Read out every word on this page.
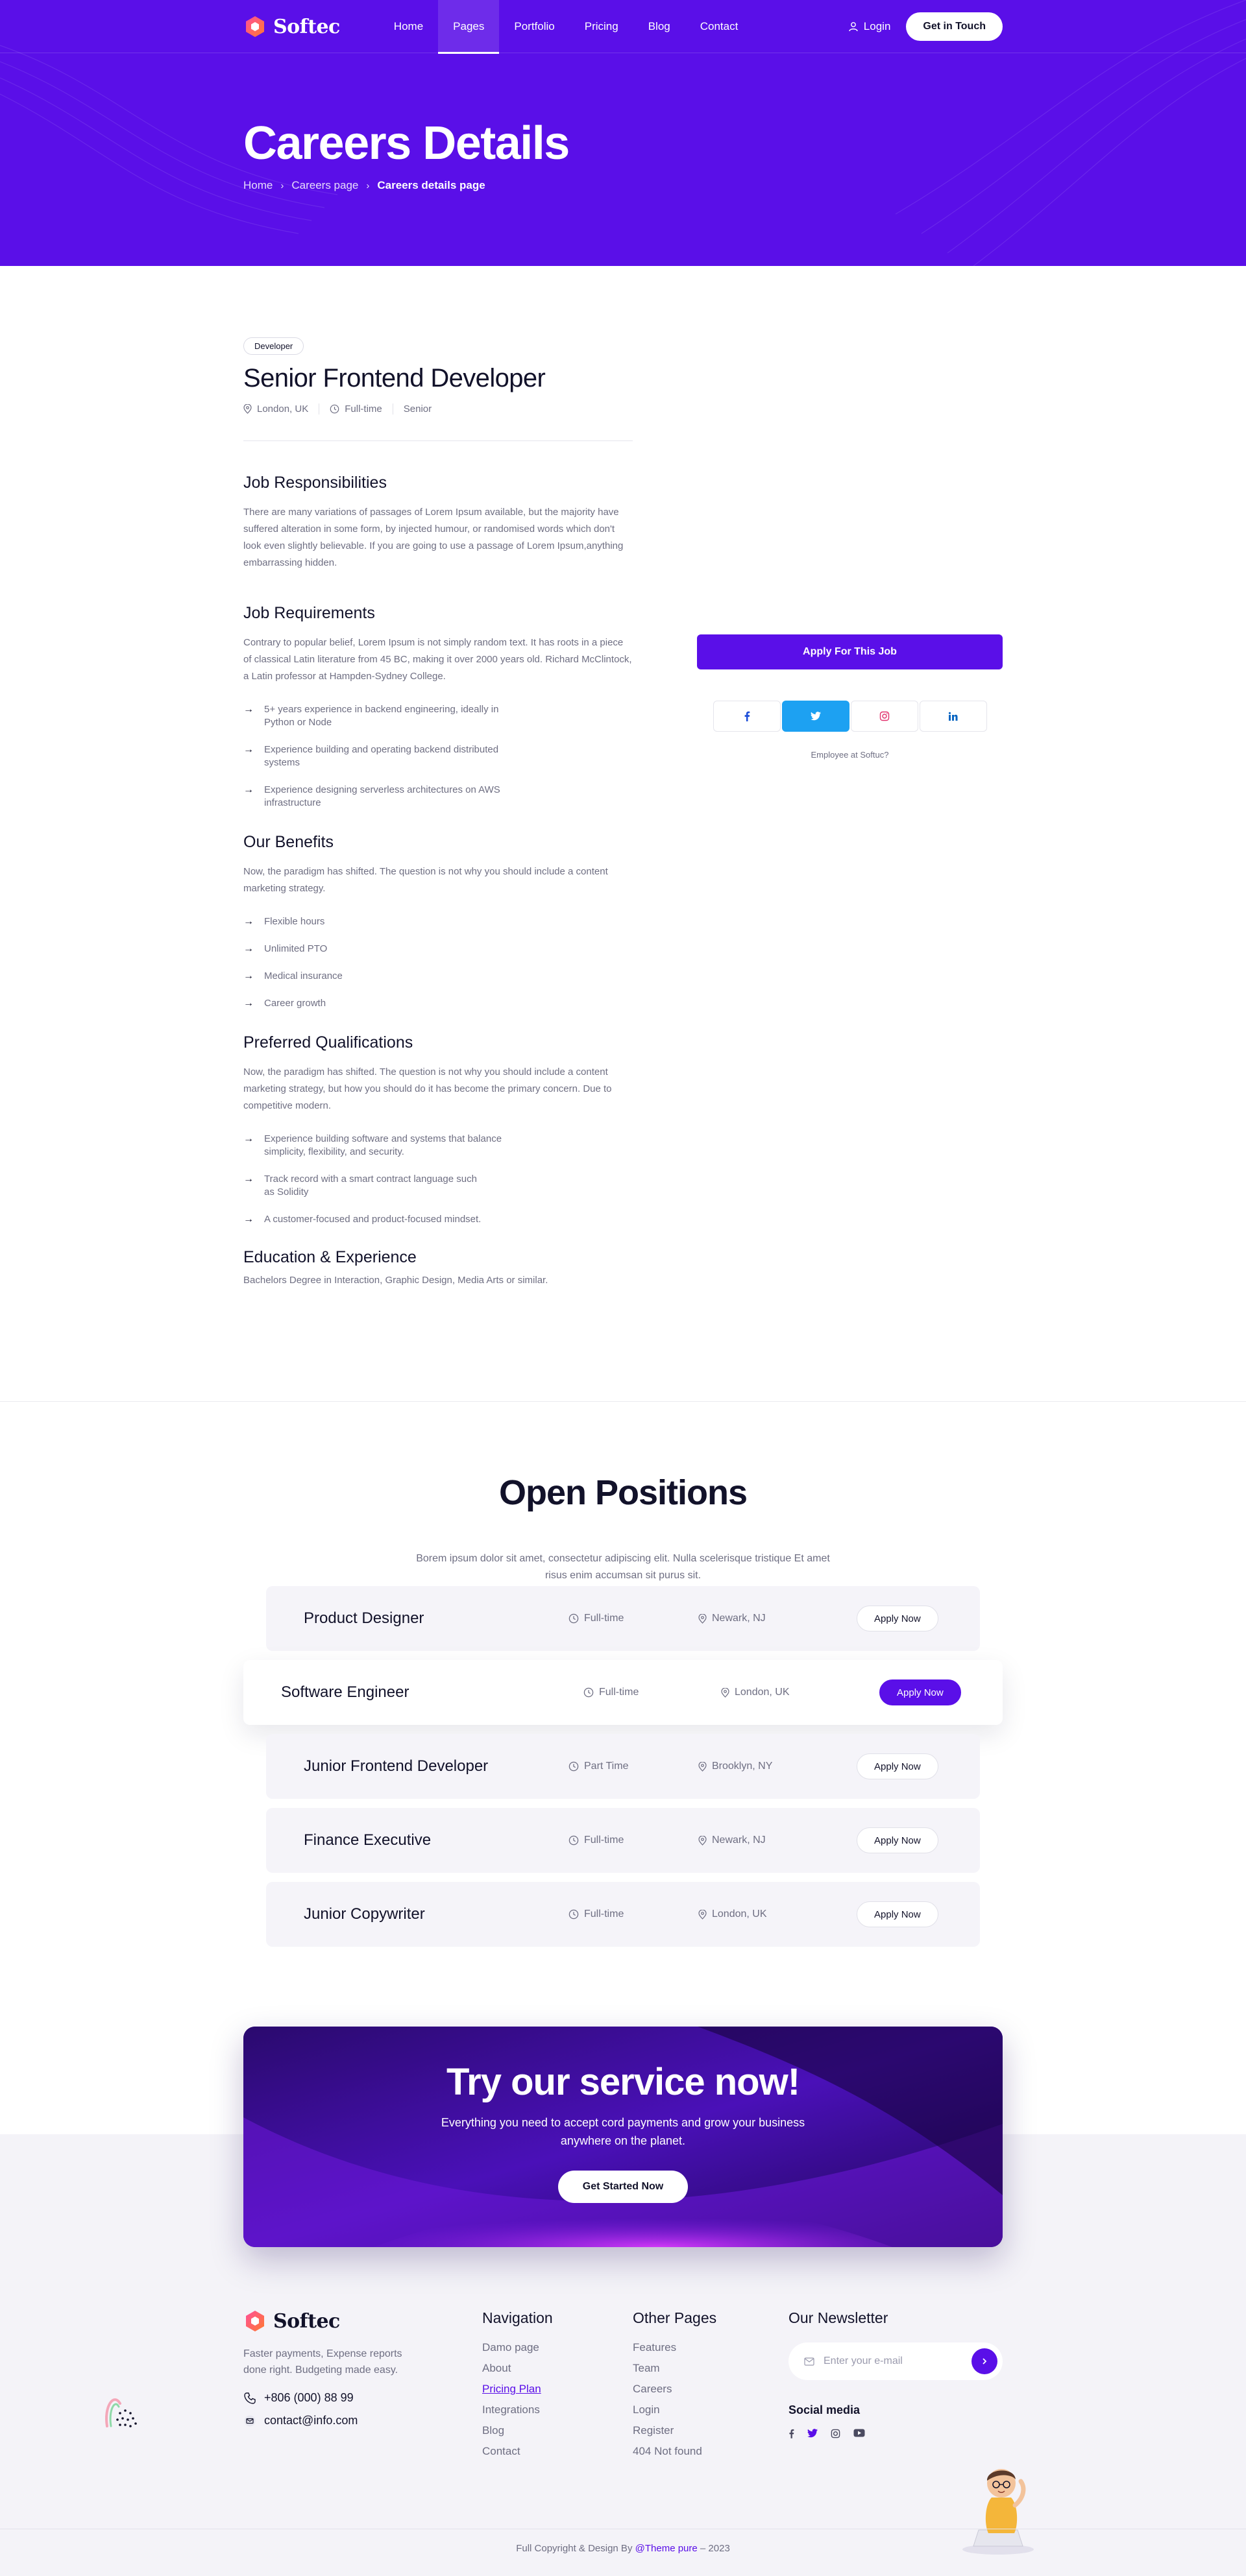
Softec	Home	Pages	Portfolio	Pricing	Blog	Contact	Login	Get in Touch
Careers Details
Home › Careers page › Careers details page
Developer
Senior Frontend Developer
London, UK	Full-time Senior
Job Responsibilities

There are many variations of passages of Lorem Ipsum available, but the majority have suffered alteration in some form, by injected humour, or randomised words which don't look even slightly believable. If you are going to use a passage of Lorem Ipsum,anything embarrassing hidden.

Job Requirements

Contrary to popular belief, Lorem Ipsum is not simply random text. It has roots in a piece of classical Latin literature from 45 BC, making it over 2000 years old. Richard McClintock, a Latin professor at Hampden-Sydney College.

→ 5+ years experience in backend engineering, ideally in Python or Node
→ Experience building and operating backend distributed systems
→ Experience designing serverless architectures on AWS infrastructure
Our Benefits

Now, the paradigm has shifted. The question is not why you should include a content marketing strategy.

→ Flexible hours
→ Unlimited PTO
→ Medical insurance
→ Career growth
Preferred Qualifications

Now, the paradigm has shifted. The question is not why you should include a content marketing strategy, but how you should do it has become the primary concern. Due to competitive modern.

→ Experience building software and systems that balance simplicity, flexibility, and security.
→ Track record with a smart contract language such as Solidity
→ A customer-focused and product-focused mindset.
Education & Experience

Bachelors Degree in Interaction, Graphic Design, Media Arts or similar.

Apply For This Job

Employee at Softuc?

Open Positions

Borem ipsum dolor sit amet, consectetur adipiscing elit. Nulla scelerisque tristique Et amet risus enim accumsan sit purus sit.

Product Designer	Full-time	Newark, NJ	Apply Now
Software Engineer	Full-time	London, UK	Apply Now
Junior Frontend Developer	Part Time	Brooklyn, NY	Apply Now
Finance Executive	Full-time	Newark, NJ	Apply Now
Junior Copywriter	Full-time	London, UK	Apply Now
Try our service now!

Everything you need to accept cord payments and grow your business anywhere on the planet.

Get Started Now
Softec

Faster payments, Expense reports done right. Budgeting made easy.

+806 (000) 88 99
contact@info.com
Navigation
Damo page
About
Pricing Plan
Integrations
Blog
Contact
Other Pages
Features
Team
Careers
Login
Register
404 Not found
Our Newsletter
Enter your e-mail
Social media

Full Copyright & Design By @Theme pure – 2023
